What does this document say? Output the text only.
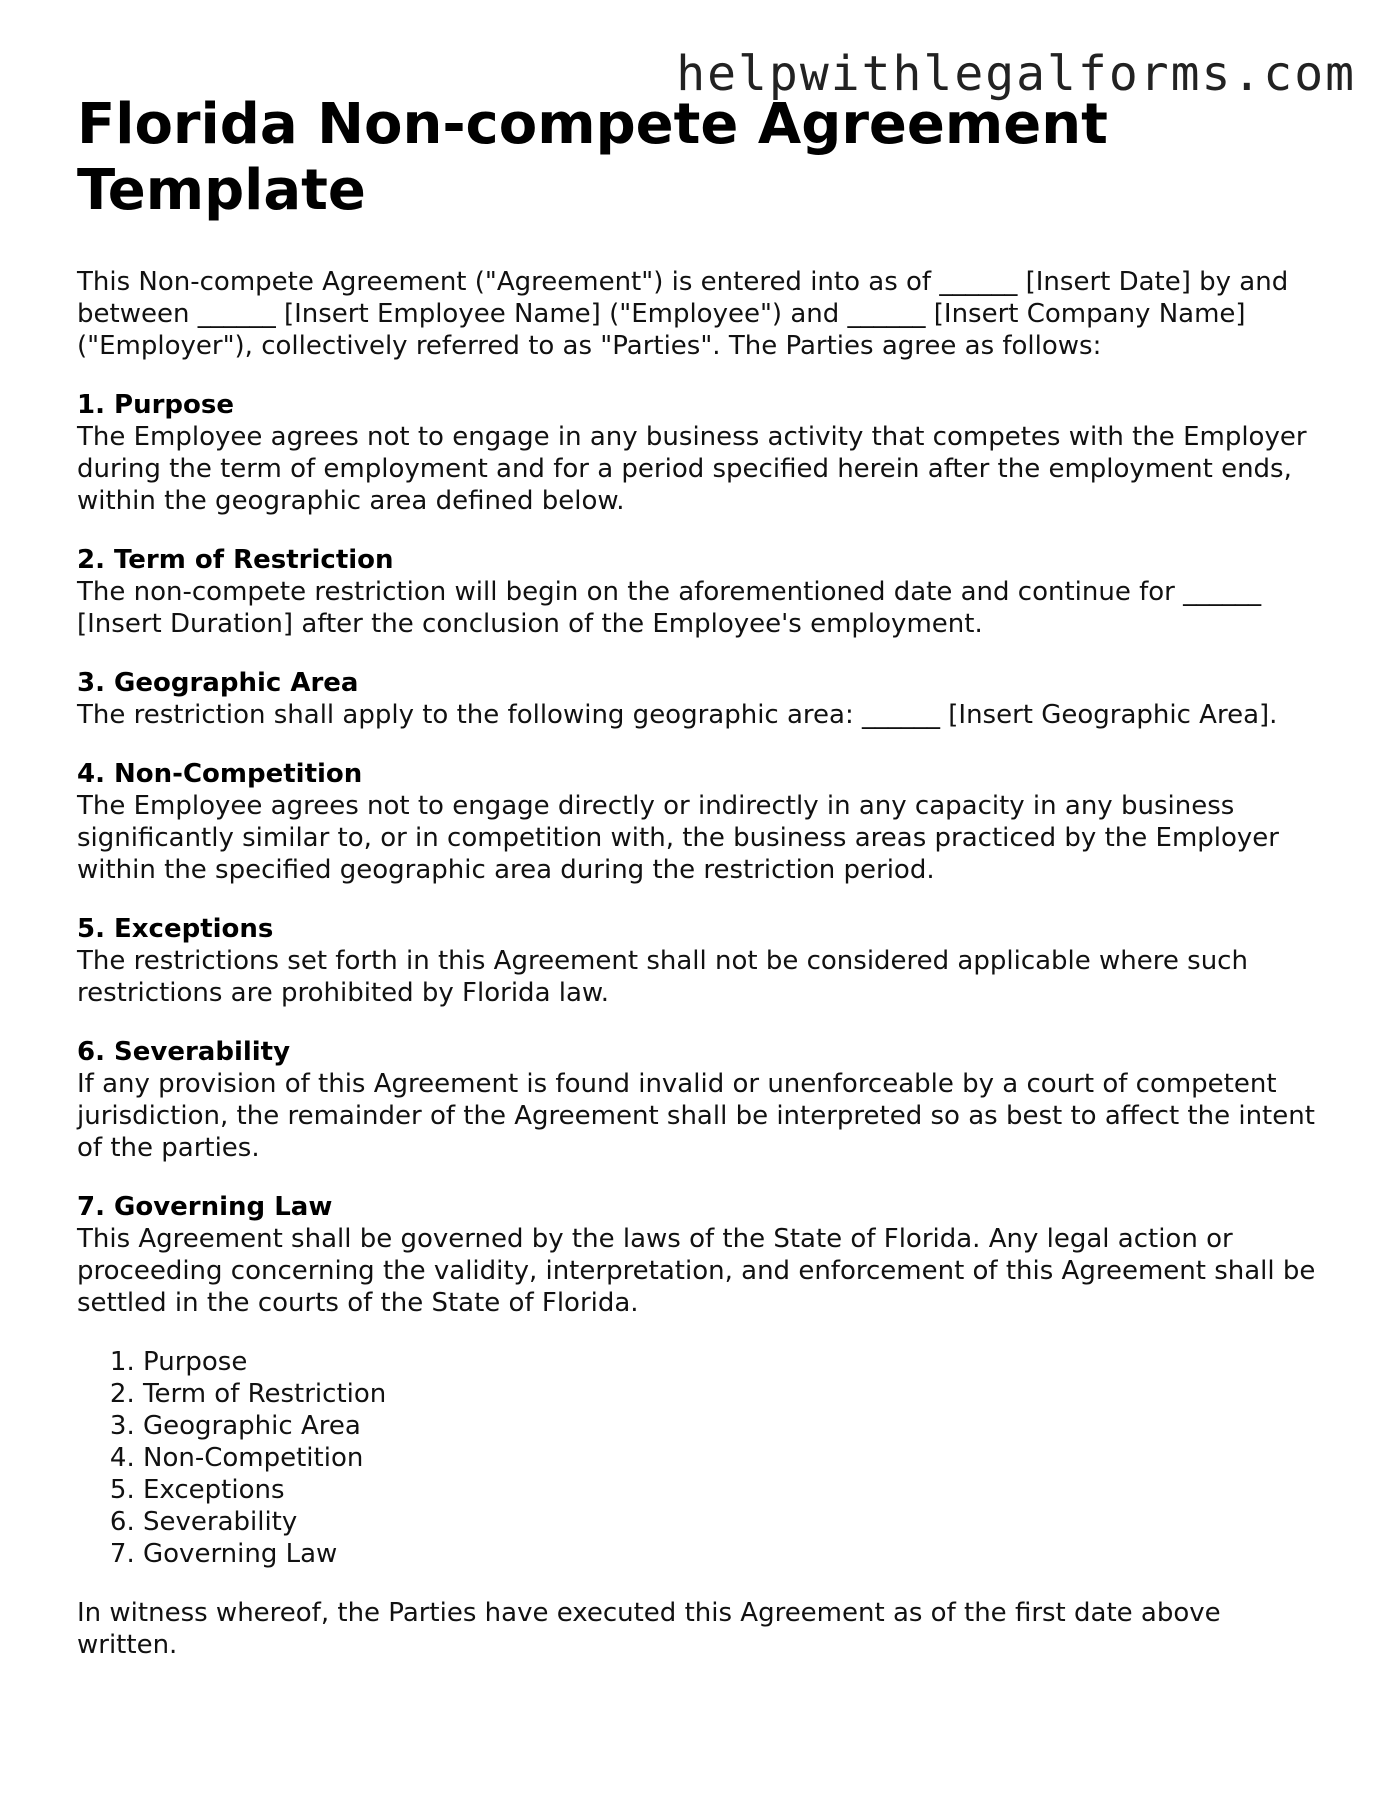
helpwithlegalforms.com

Florida Non-compete Agreement Template

This Non-compete Agreement ("Agreement") is entered into as of ______ [Insert Date] by and between ______ [Insert Employee Name] ("Employee") and ______ [Insert Company Name] ("Employer"), collectively referred to as "Parties". The Parties agree as follows:

1. Purpose

The Employee agrees not to engage in any business activity that competes with the Employer during the term of employment and for a period specified herein after the employment ends, within the geographic area defined below.

2. Term of Restriction

The non-compete restriction will begin on the aforementioned date and continue for ______ [Insert Duration] after the conclusion of the Employee's employment.

3. Geographic Area

The restriction shall apply to the following geographic area: ______ [Insert Geographic Area].

4. Non-Competition

The Employee agrees not to engage directly or indirectly in any capacity in any business significantly similar to, or in competition with, the business areas practiced by the Employer within the specified geographic area during the restriction period.

5. Exceptions

The restrictions set forth in this Agreement shall not be considered applicable where such restrictions are prohibited by Florida law.

6. Severability

If any provision of this Agreement is found invalid or unenforceable by a court of competent jurisdiction, the remainder of the Agreement shall be interpreted so as best to affect the intent of the parties.

7. Governing Law

This Agreement shall be governed by the laws of the State of Florida. Any legal action or proceeding concerning the validity, interpretation, and enforcement of this Agreement shall be settled in the courts of the State of Florida.

1. Purpose
2. Term of Restriction
3. Geographic Area
4. Non-Competition
5. Exceptions
6. Severability
7. Governing Law

In witness whereof, the Parties have executed this Agreement as of the first date above written.
